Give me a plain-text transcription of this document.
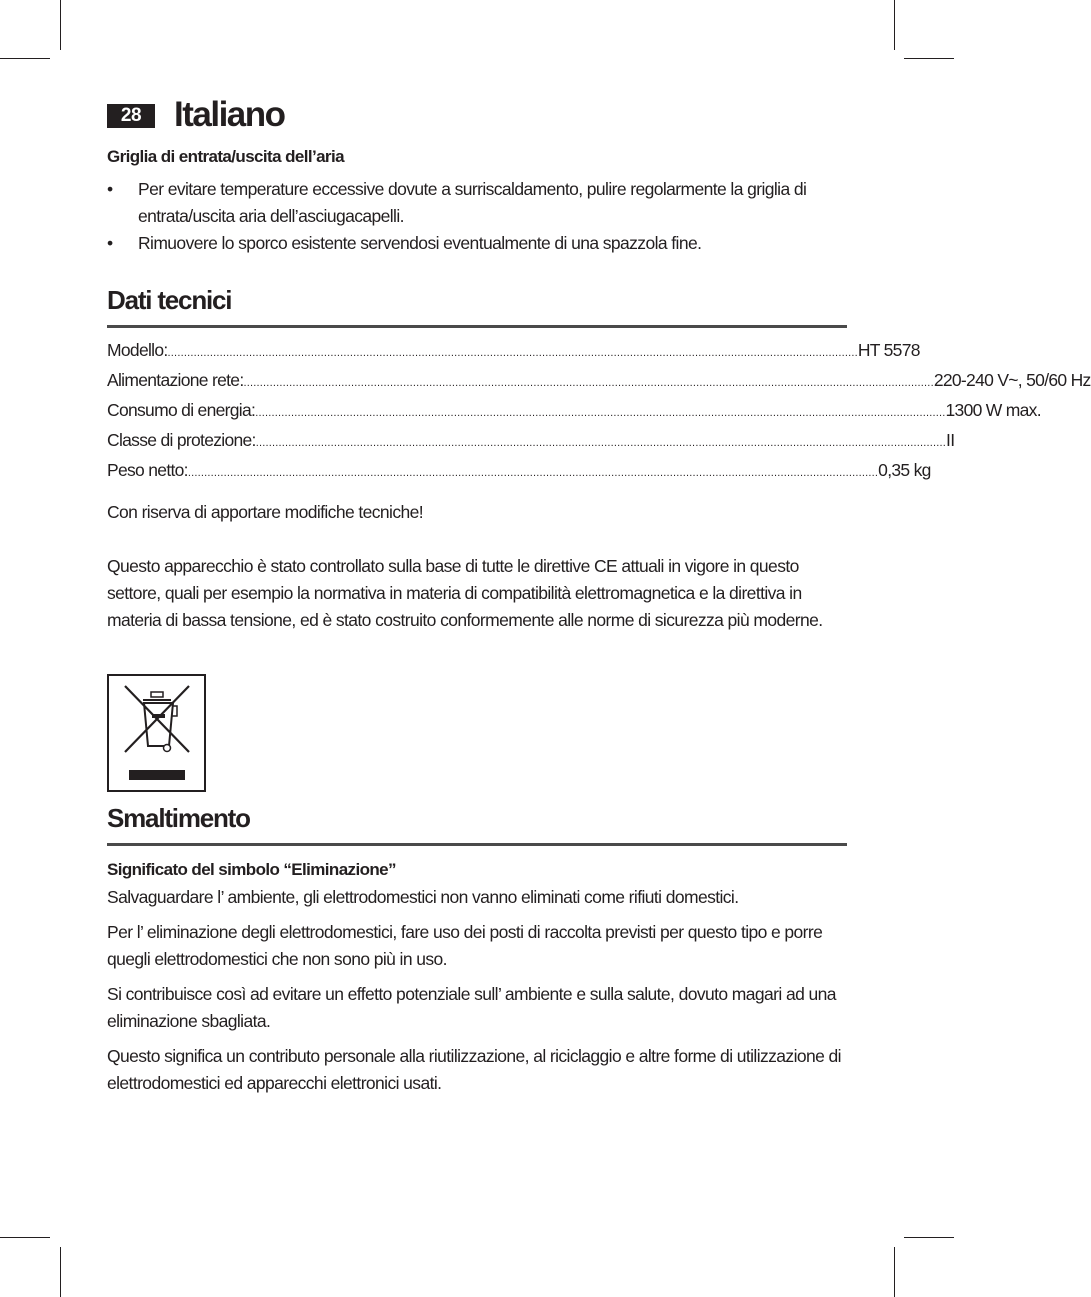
28 Italiano
Griglia di entrata/uscita dell’aria
• Per evitare temperature eccessive dovute a surriscaldamento, pulire regolarmente la griglia di entrata/uscita aria dell’asciugacapelli.
• Rimuovere lo sporco esistente servendosi eventualmente di una spazzola fine.
Dati tecnici
Modello: .................................................................................................................................................................................................................... HT 5578
Alimentazione rete: .................................................................................................................................................................................................................... 220-240 V~, 50/60 Hz
Consumo di energia: .................................................................................................................................................................................................................... 1300 W max.
Classe di protezione: .................................................................................................................................................................................................................... II
Peso netto: .................................................................................................................................................................................................................... 0,35 kg

Con riserva di apportare modifiche tecniche!

Questo apparecchio è stato controllato sulla base di tutte le direttive CE attuali in vigore in questo settore, quali per esempio la normativa in materia di compatibilità elettromagnetica e la direttiva in materia di bassa tensione, ed è stato costruito conformemente alle norme di sicurezza più moderne.

Smaltimento
Significato del simbolo “Eliminazione”

Salvaguardare l’ ambiente, gli elettrodomestici non vanno eliminati come rifiuti domestici.

Per l’ eliminazione degli elettrodomestici, fare uso dei posti di raccolta previsti per questo tipo e porre quegli elettrodomestici che non sono più in uso.

Si contribuisce così ad evitare un effetto potenziale sull’ ambiente e sulla salute, dovuto magari ad una eliminazione sbagliata.

Questo significa un contributo personale alla riutilizzazione, al riciclaggio e altre forme di utilizzazione di elettrodomestici ed apparecchi elettronici usati.
